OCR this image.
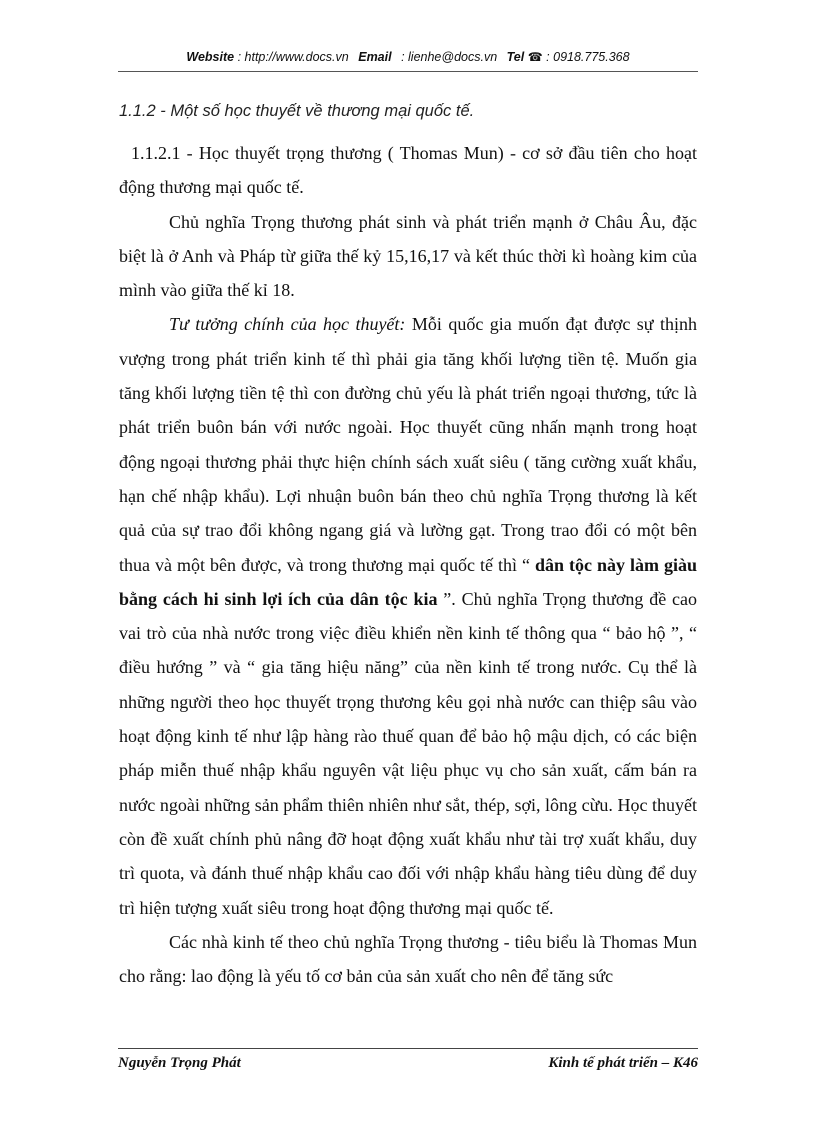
Website : http://www.docs.vn Email : lienhe@docs.vn Tel ☎ : 0918.775.368
1.1.2 - Một số học thuyết về thương mại quốc tế.

1.1.2.1 - Học thuyết trọng thương ( Thomas Mun) - cơ sở đầu tiên cho hoạt động thương mại quốc tế.

Chủ nghĩa Trọng thương phát sinh và phát triển mạnh ở Châu Âu, đặc biệt là ở Anh và Pháp từ giữa thế kỷ 15,16,17 và kết thúc thời kì hoàng kim của mình vào giữa thế kỉ 18.

Tư tưởng chính của học thuyết: Mỗi quốc gia muốn đạt được sự thịnh vượng trong phát triển kinh tế thì phải gia tăng khối lượng tiền tệ. Muốn gia tăng khối lượng tiền tệ thì con đường chủ yếu là phát triển ngoại thương, tức là phát triển buôn bán với nước ngoài. Học thuyết cũng nhấn mạnh trong hoạt động ngoại thương phải thực hiện chính sách xuất siêu ( tăng cường xuất khẩu, hạn chế nhập khẩu). Lợi nhuận buôn bán theo chủ nghĩa Trọng thương là kết quả của sự trao đổi không ngang giá và lường gạt. Trong trao đổi có một bên thua và một bên được, và trong thương mại quốc tế thì “ dân tộc này làm giàu bằng cách hi sinh lợi ích của dân tộc kia ”. Chủ nghĩa Trọng thương đề cao vai trò của nhà nước trong việc điều khiển nền kinh tế thông qua “ bảo hộ ”, “ điều hướng ” và “ gia tăng hiệu năng” của nền kinh tế trong nước. Cụ thể là những người theo học thuyết trọng thương kêu gọi nhà nước can thiệp sâu vào hoạt động kinh tế như lập hàng rào thuế quan để bảo hộ mậu dịch, có các biện pháp miễn thuế nhập khẩu nguyên vật liệu phục vụ cho sản xuất, cấm bán ra nước ngoài những sản phẩm thiên nhiên như sắt, thép, sợi, lông cừu. Học thuyết còn đề xuất chính phủ nâng đỡ hoạt động xuất khẩu như tài trợ xuất khẩu, duy trì quota, và đánh thuế nhập khẩu cao đối với nhập khẩu hàng tiêu dùng để duy trì hiện tượng xuất siêu trong hoạt động thương mại quốc tế.

Các nhà kinh tế theo chủ nghĩa Trọng thương - tiêu biểu là Thomas Mun cho rằng: lao động là yếu tố cơ bản của sản xuất cho nên để tăng sức

Nguyễn Trọng Phát	Kinh tế phát triển – K46
